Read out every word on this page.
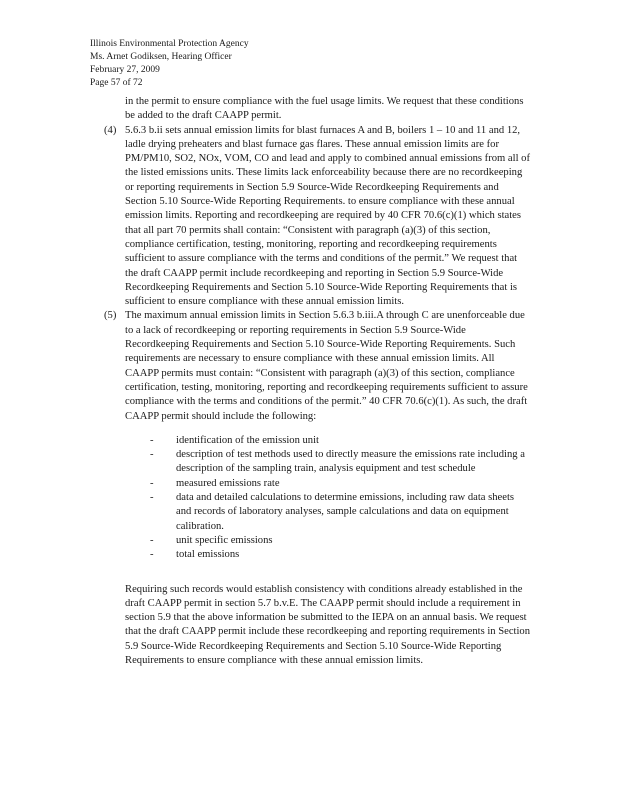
Illinois Environmental Protection Agency
Ms. Arnet Godiksen, Hearing Officer
February 27, 2009
Page 57 of 72

in the permit to ensure compliance with the fuel usage limits. We request that these conditions be added to the draft CAAPP permit.

(4) 5.6.3 b.ii sets annual emission limits for blast furnaces A and B, boilers 1 – 10 and 11 and 12, ladle drying preheaters and blast furnace gas flares. These annual emission limits are for PM/PM10, SO2, NOx, VOM, CO and lead and apply to combined annual emissions from all of the listed emissions units. These limits lack enforceability because there are no recordkeeping or reporting requirements in Section 5.9 Source-Wide Recordkeeping Requirements and Section 5.10 Source-Wide Reporting Requirements. to ensure compliance with these annual emission limits. Reporting and recordkeeping are required by 40 CFR 70.6(c)(1) which states that all part 70 permits shall contain: “Consistent with paragraph (a)(3) of this section, compliance certification, testing, monitoring, reporting and recordkeeping requirements sufficient to assure compliance with the terms and conditions of the permit.” We request that the draft CAAPP permit include recordkeeping and reporting in Section 5.9 Source-Wide Recordkeeping Requirements and Section 5.10 Source-Wide Reporting Requirements that is sufficient to ensure compliance with these annual emission limits.

(5) The maximum annual emission limits in Section 5.6.3 b.iii.A through C are unenforceable due to a lack of recordkeeping or reporting requirements in Section 5.9 Source-Wide Recordkeeping Requirements and Section 5.10 Source-Wide Reporting Requirements. Such requirements are necessary to ensure compliance with these annual emission limits. All CAAPP permits must contain: “Consistent with paragraph (a)(3) of this section, compliance certification, testing, monitoring, reporting and recordkeeping requirements sufficient to assure compliance with the terms and conditions of the permit.” 40 CFR 70.6(c)(1). As such, the draft CAAPP permit should include the following:

- identification of the emission unit
- description of test methods used to directly measure the emissions rate including a description of the sampling train, analysis equipment and test schedule
- measured emissions rate
- data and detailed calculations to determine emissions, including raw data sheets and records of laboratory analyses, sample calculations and data on equipment calibration.
- unit specific emissions
- total emissions

Requiring such records would establish consistency with conditions already established in the draft CAAPP permit in section 5.7 b.v.E. The CAAPP permit should include a requirement in section 5.9 that the above information be submitted to the IEPA on an annual basis. We request that the draft CAAPP permit include these recordkeeping and reporting requirements in Section 5.9 Source-Wide Recordkeeping Requirements and Section 5.10 Source-Wide Reporting Requirements to ensure compliance with these annual emission limits.
